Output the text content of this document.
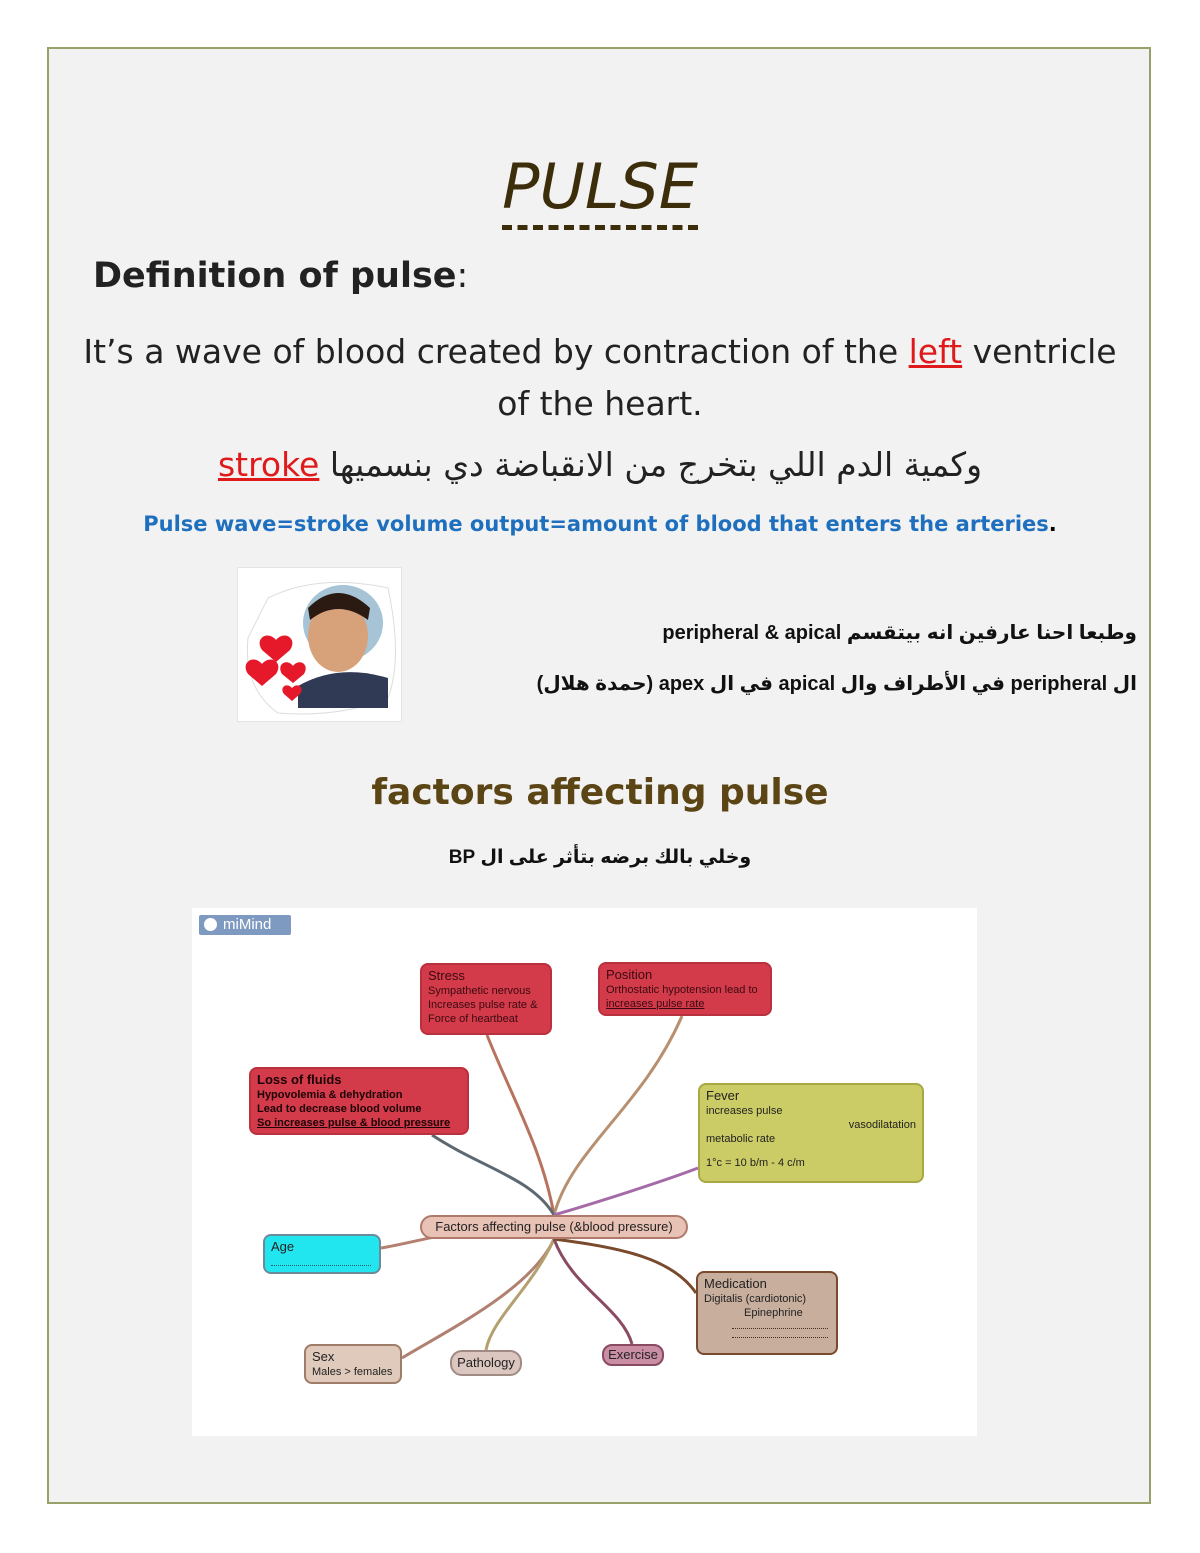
PULSE
Definition of pulse:
It’s a wave of blood created by contraction of the left ventricle of the heart.
وكمية الدم اللي بتخرج من الانقباضة دي بنسميها stroke
Pulse wave=stroke volume output=amount of blood that enters the arteries.
وطبعا احنا عارفين انه بيتقسم peripheral & apical
ال peripheral في الأطراف وال apical في ال apex (حمدة هلال)
factors affecting pulse
وخلي بالك برضه بتأثر على ال BP
miMind
Stress
Sympathetic nervous
Increases pulse rate &
Force of heartbeat
Position
Orthostatic hypotension lead to
increases pulse rate
Loss of fluids
Hypovolemia & dehydration
Lead to decrease blood volume
So increases pulse & blood pressure
Fever
increases pulse
vasodilatation
metabolic rate
1°c = 10 b/m - 4 c/m
Factors affecting pulse (&blood pressure)
Age
Medication
Digitalis (cardiotonic)
Epinephrine
Sex
Males > females
Pathology
Exercise
